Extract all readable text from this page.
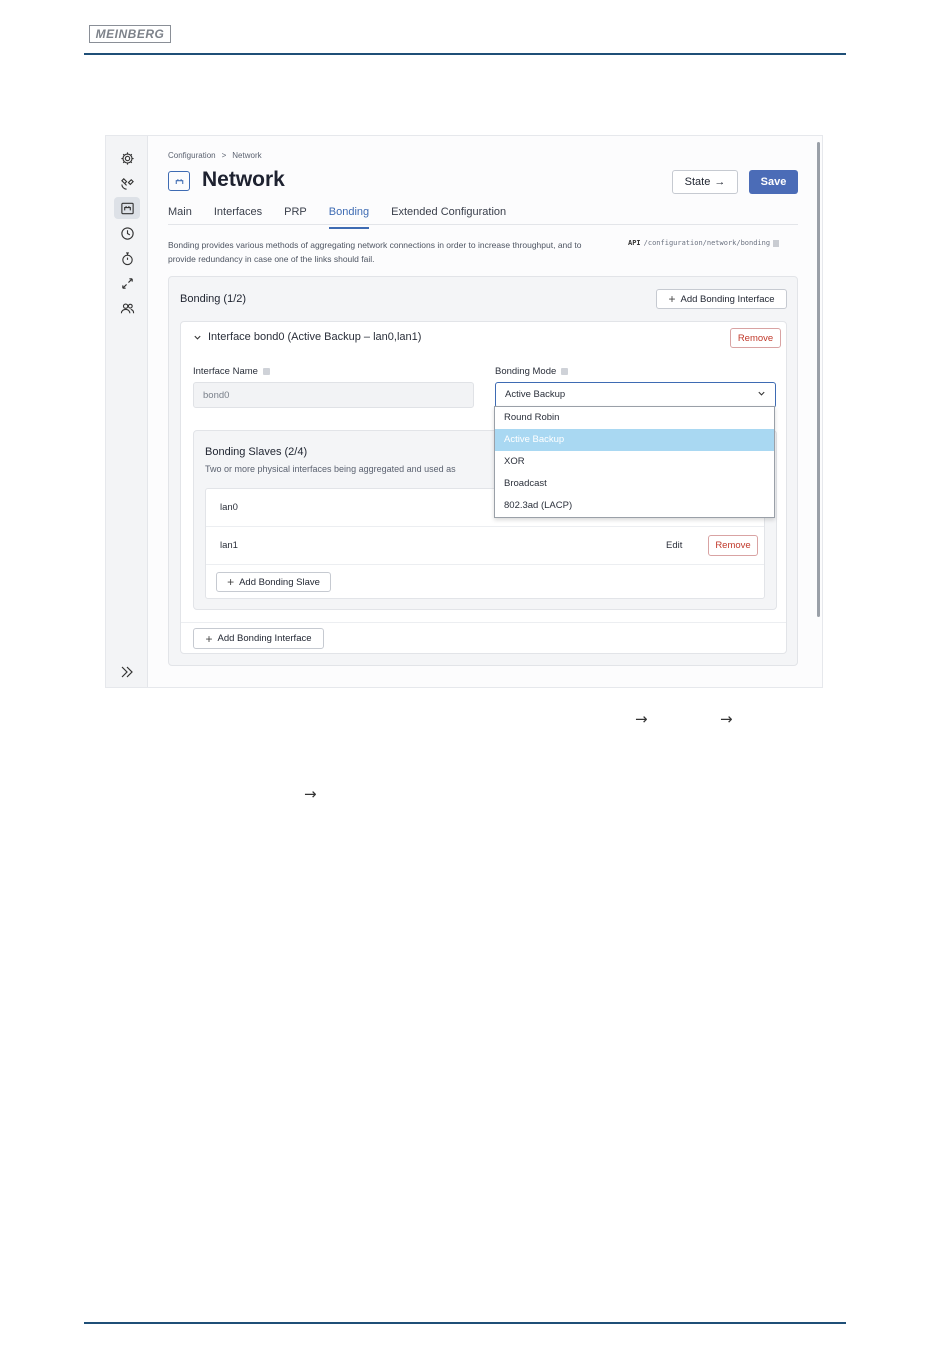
MEINBERG
→	→
→
Configuration > Network
Network	State →	Save
Main Interfaces PRP Bonding Extended Configuration
Bonding provides various methods of aggregating network connections in order to increase throughput, and to provide redundancy in case one of the links should fail.
API /configuration/network/bonding
Bonding (1/2)	+ Add Bonding Interface
Interface bond0 (Active Backup – lan0,lan1)	Remove
Interface Name
bond0
Bonding Mode
Active Backup
Bonding Slaves (2/4)
Two or more physical interfaces being aggregated and used as
lan0
lan1	Edit	Remove
+ Add Bonding Slave
+ Add Bonding Interface
Round Robin
Active Backup
XOR
Broadcast
802.3ad (LACP)
